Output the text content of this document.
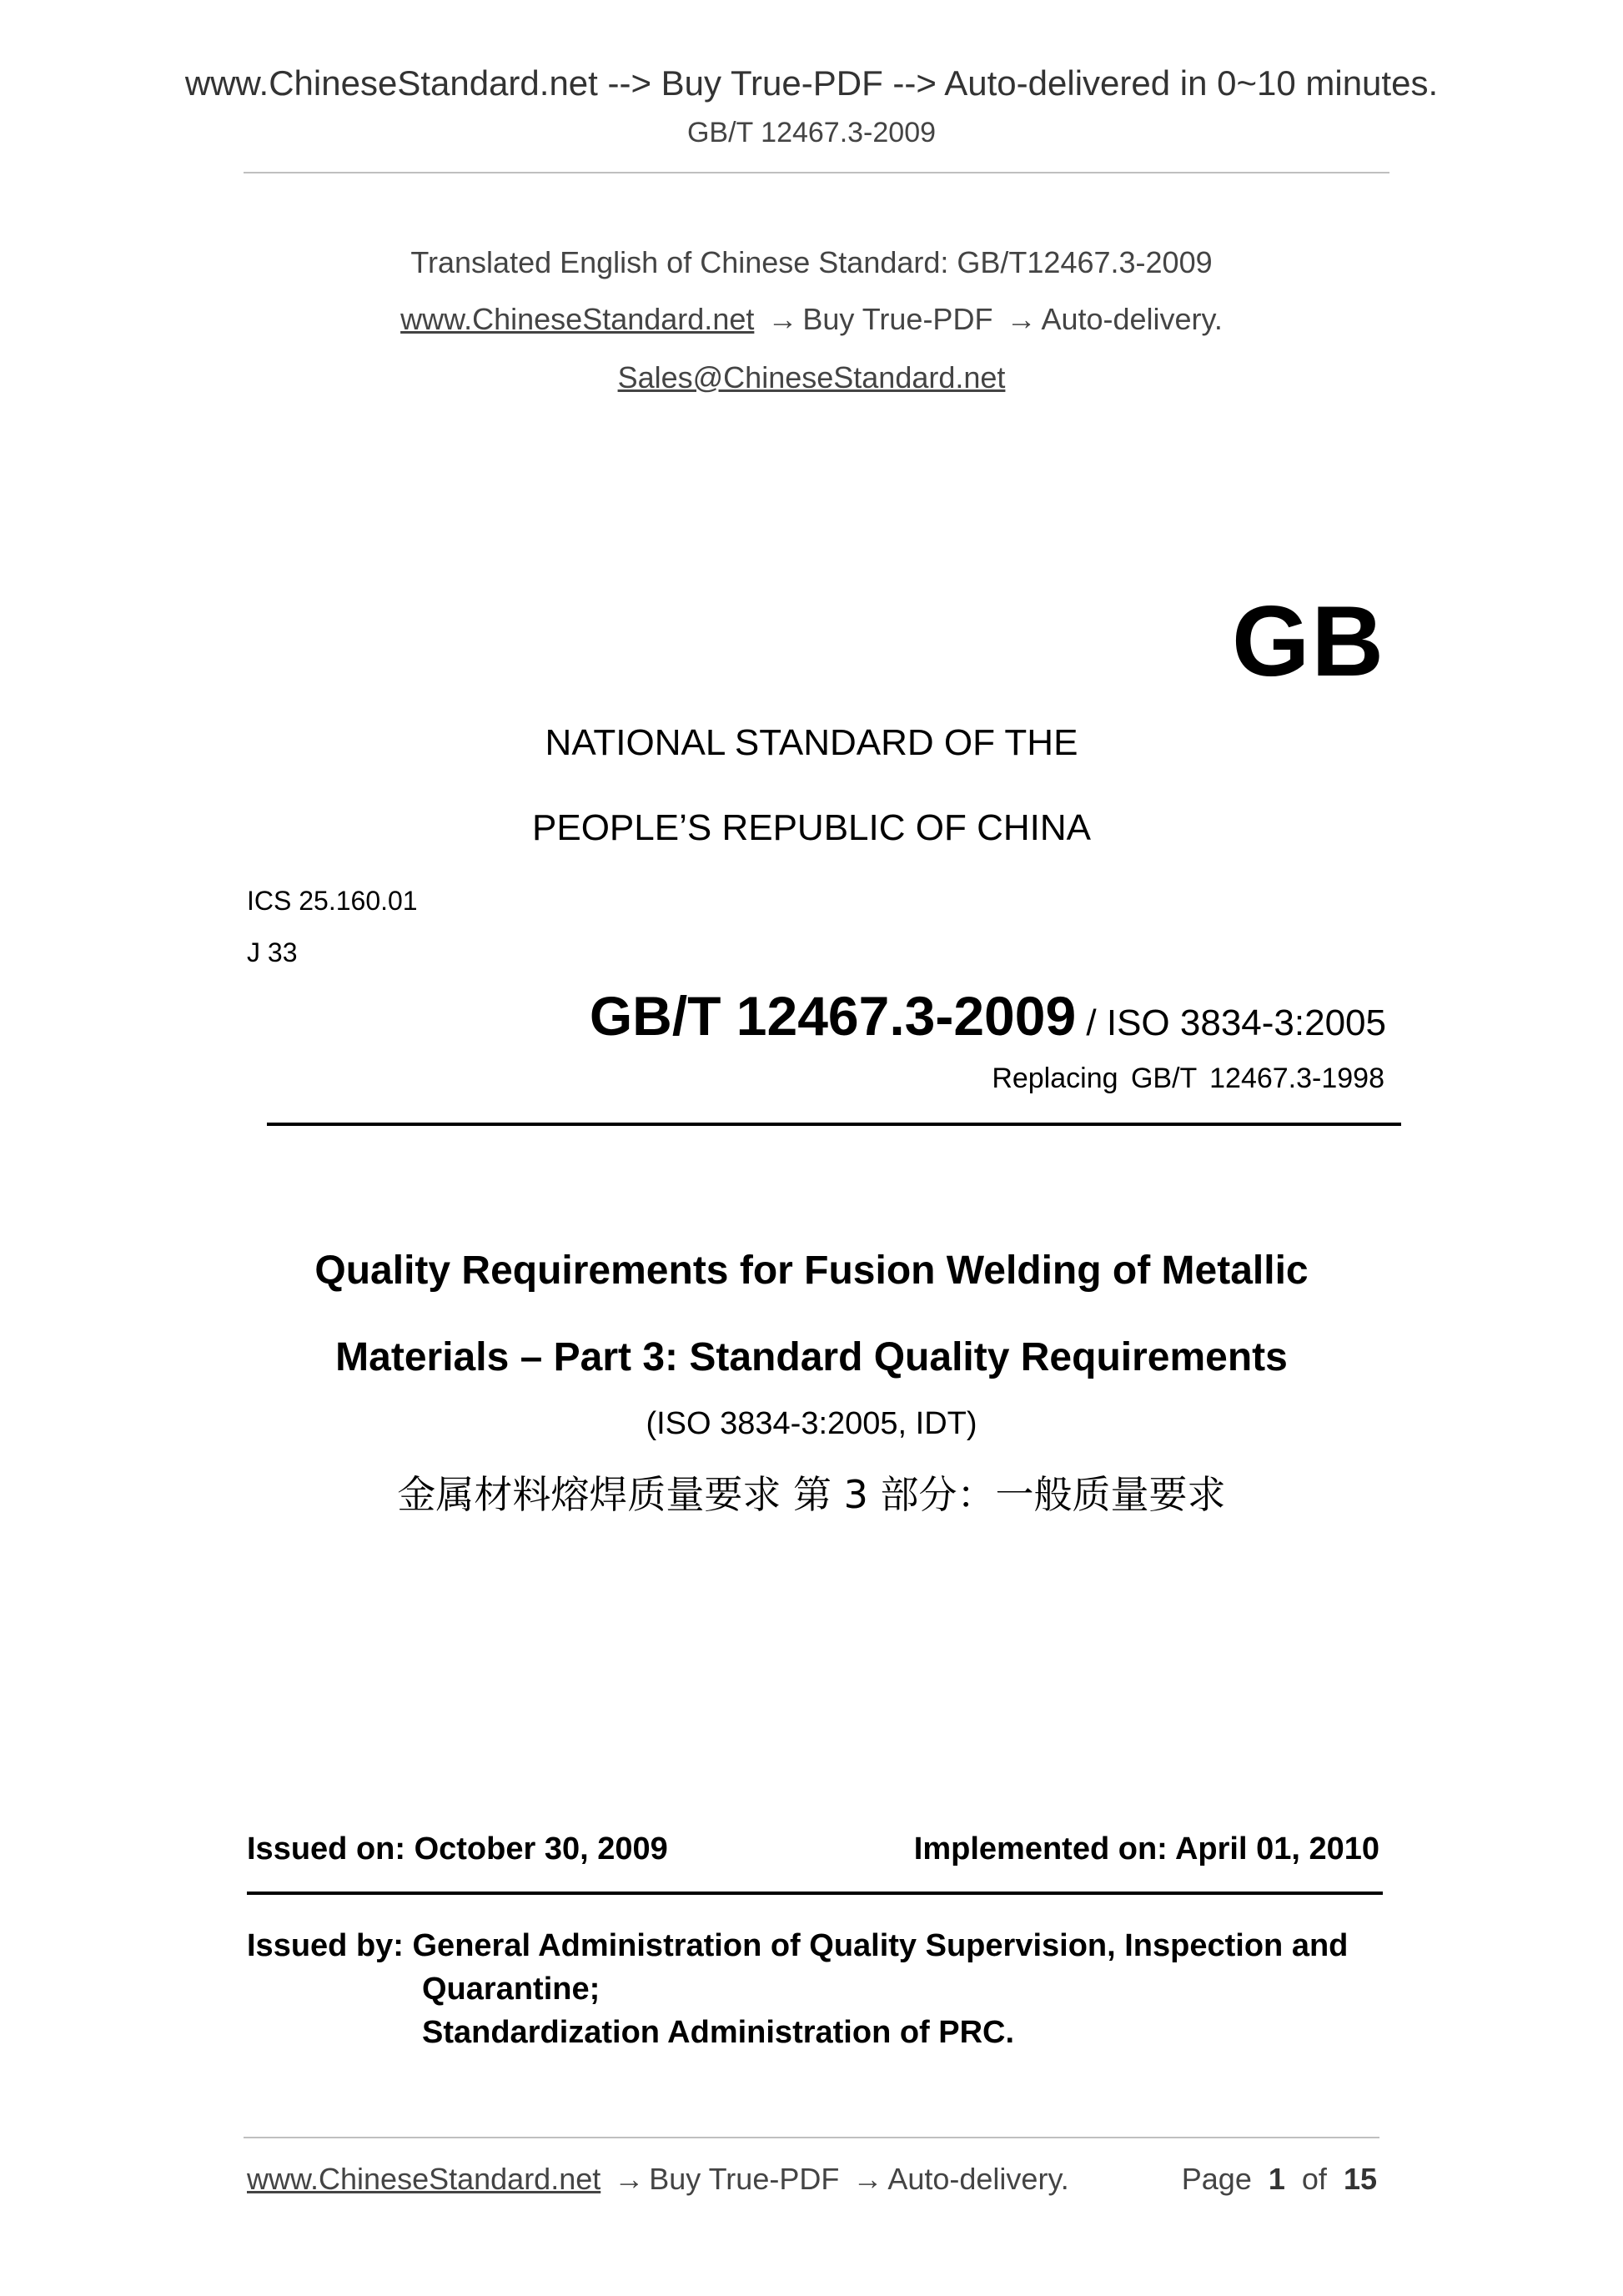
www.ChineseStandard.net --> Buy True-PDF --> Auto-delivered in 0~10 minutes.
GB/T 12467.3-2009
Translated English of Chinese Standard: GB/T12467.3-2009
www.ChineseStandard.net → Buy True-PDF → Auto-delivery.
Sales@ChineseStandard.net
GB
NATIONAL STANDARD OF THE
PEOPLE’S REPUBLIC OF CHINA
ICS 25.160.01
J 33
GB/T 12467.3-2009 / ISO 3834-3:2005
Replacing GB/T 12467.3-1998
Quality Requirements for Fusion Welding of Metallic
Materials – Part 3: Standard Quality Requirements
(ISO 3834-3:2005, IDT)
金属材料熔焊质量要求 第 3 部分：一般质量要求
Issued on: October 30, 2009	Implemented on: April 01, 2010
Issued by: General Administration of Quality Supervision, Inspection and
Quarantine;
Standardization Administration of PRC.
www.ChineseStandard.net → Buy True-PDF → Auto-delivery.	Page 1 of 15
